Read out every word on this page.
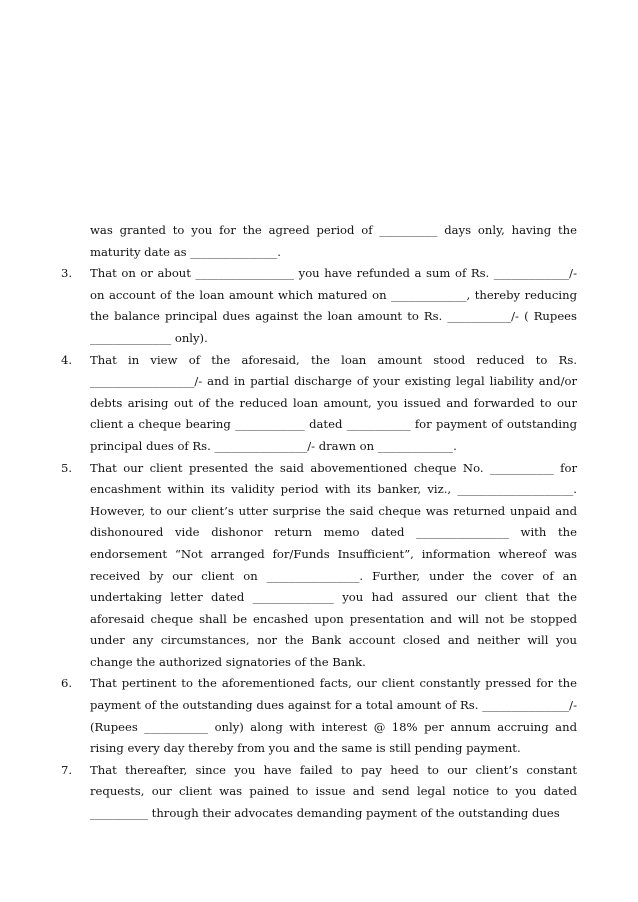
was granted to you for the agreed period of __________ days only, having the maturity date as _______________.

3. That on or about _________________ you have refunded a sum of Rs. _____________/- on account of the loan amount which matured on _____________, thereby reducing the balance principal dues against the loan amount to Rs. ___________/- ( Rupees ______________ only).

4. That in view of the aforesaid, the loan amount stood reduced to Rs. __________________/- and in partial discharge of your existing legal liability and/or debts arising out of the reduced loan amount, you issued and forwarded to our client a cheque bearing ____________ dated ___________ for payment of outstanding principal dues of Rs. ________________/- drawn on _____________.

5. That our client presented the said abovementioned cheque No. ___________ for encashment within its validity period with its banker, viz., ____________________. However, to our client’s utter surprise the said cheque was returned unpaid and dishonoured vide dishonor return memo dated ________________ with the endorsement “Not arranged for/Funds Insufficient”, information whereof was received by our client on ________________. Further, under the cover of an undertaking letter dated ______________ you had assured our client that the aforesaid cheque shall be encashed upon presentation and will not be stopped under any circumstances, nor the Bank account closed and neither will you change the authorized signatories of the Bank.

6. That pertinent to the aforementioned facts, our client constantly pressed for the payment of the outstanding dues against for a total amount of Rs. _______________/- (Rupees ___________ only) along with interest @ 18% per annum accruing and rising every day thereby from you and the same is still pending payment.

7. That thereafter, since you have failed to pay heed to our client’s constant requests, our client was pained to issue and send legal notice to you dated __________ through their advocates demanding payment of the outstanding dues
